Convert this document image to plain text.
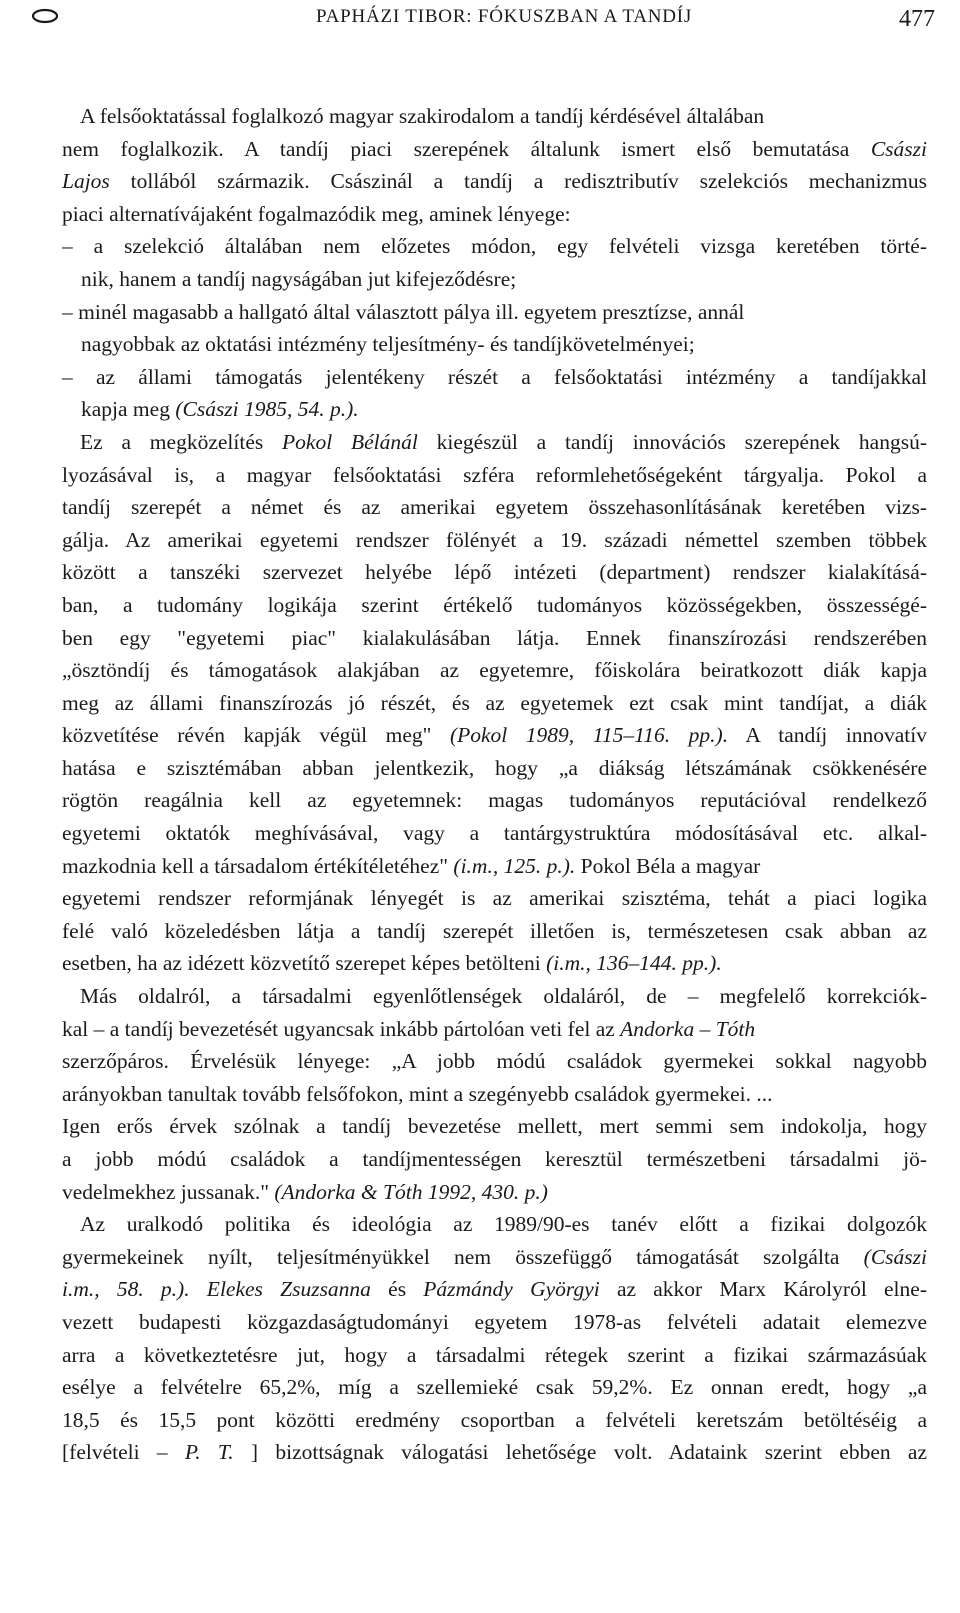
PAPHÁZI TIBOR: FÓKUSZBAN A TANDÍJ	477
A felsőoktatással foglalkozó magyar szakirodalom a tandíj kérdésével általában
nem foglalkozik. A tandíj piaci szerepének általunk ismert első bemutatása Császi
Lajos tollából származik. Császinál a tandíj a redisztributív szelekciós mechanizmus
piaci alternatívájaként fogalmazódik meg, aminek lényege:
– a szelekció általában nem előzetes módon, egy felvételi vizsga keretében törté-
nik, hanem a tandíj nagyságában jut kifejeződésre;
– minél magasabb a hallgató által választott pálya ill. egyetem presztízse, annál
nagyobbak az oktatási intézmény teljesítmény- és tandíjkövetelményei;
– az állami támogatás jelentékeny részét a felsőoktatási intézmény a tandíjakkal
kapja meg (Császi 1985, 54. p.).
Ez a megközelítés Pokol Bélánál kiegészül a tandíj innovációs szerepének hangsú-
lyozásával is, a magyar felsőoktatási szféra reformlehetőségeként tárgyalja. Pokol a
tandíj szerepét a német és az amerikai egyetem összehasonlításának keretében vizs-
gálja. Az amerikai egyetemi rendszer fölényét a 19. századi némettel szemben többek
között a tanszéki szervezet helyébe lépő intézeti (department) rendszer kialakításá-
ban, a tudomány logikája szerint értékelő tudományos közösségekben, összességé-
ben egy "egyetemi piac" kialakulásában látja. Ennek finanszírozási rendszerében
„ösztöndíj és támogatások alakjában az egyetemre, főiskolára beiratkozott diák kapja
meg az állami finanszírozás jó részét, és az egyetemek ezt csak mint tandíjat, a diák
közvetítése révén kapják végül meg" (Pokol 1989, 115–116. pp.). A tandíj innovatív
hatása e szisztémában abban jelentkezik, hogy „a diákság létszámának csökkenésére
rögtön reagálnia kell az egyetemnek: magas tudományos reputációval rendelkező
egyetemi oktatók meghívásával, vagy a tantárgystruktúra módosításával etc. alkal-
mazkodnia kell a társadalom értékítéletéhez" (i.m., 125. p.). Pokol Béla a magyar
egyetemi rendszer reformjának lényegét is az amerikai szisztéma, tehát a piaci logika
felé való közeledésben látja a tandíj szerepét illetően is, természetesen csak abban az
esetben, ha az idézett közvetítő szerepet képes betölteni (i.m., 136–144. pp.).
Más oldalról, a társadalmi egyenlőtlenségek oldaláról, de – megfelelő korrekciók-
kal – a tandíj bevezetését ugyancsak inkább pártolóan veti fel az Andorka – Tóth
szerzőpáros. Érvelésük lényege: „A jobb módú családok gyermekei sokkal nagyobb
arányokban tanultak tovább felsőfokon, mint a szegényebb családok gyermekei. ...
Igen erős érvek szólnak a tandíj bevezetése mellett, mert semmi sem indokolja, hogy
a jobb módú családok a tandíjmentességen keresztül természetbeni társadalmi jö-
vedelmekhez jussanak." (Andorka & Tóth 1992, 430. p.)
Az uralkodó politika és ideológia az 1989/90-es tanév előtt a fizikai dolgozók
gyermekeinek nyílt, teljesítményükkel nem összefüggő támogatását szolgálta (Császi
i.m., 58. p.). Elekes Zsuzsanna és Pázmándy Györgyi az akkor Marx Károlyról elne-
vezett budapesti közgazdaságtudományi egyetem 1978-as felvételi adatait elemezve
arra a következtetésre jut, hogy a társadalmi rétegek szerint a fizikai származásúak
esélye a felvételre 65,2%, míg a szellemieké csak 59,2%. Ez onnan eredt, hogy „a
18,5 és 15,5 pont közötti eredmény csoportban a felvételi keretszám betöltéséig a
[felvételi – P. T. ] bizottságnak válogatási lehetősége volt. Adataink szerint ebben az
